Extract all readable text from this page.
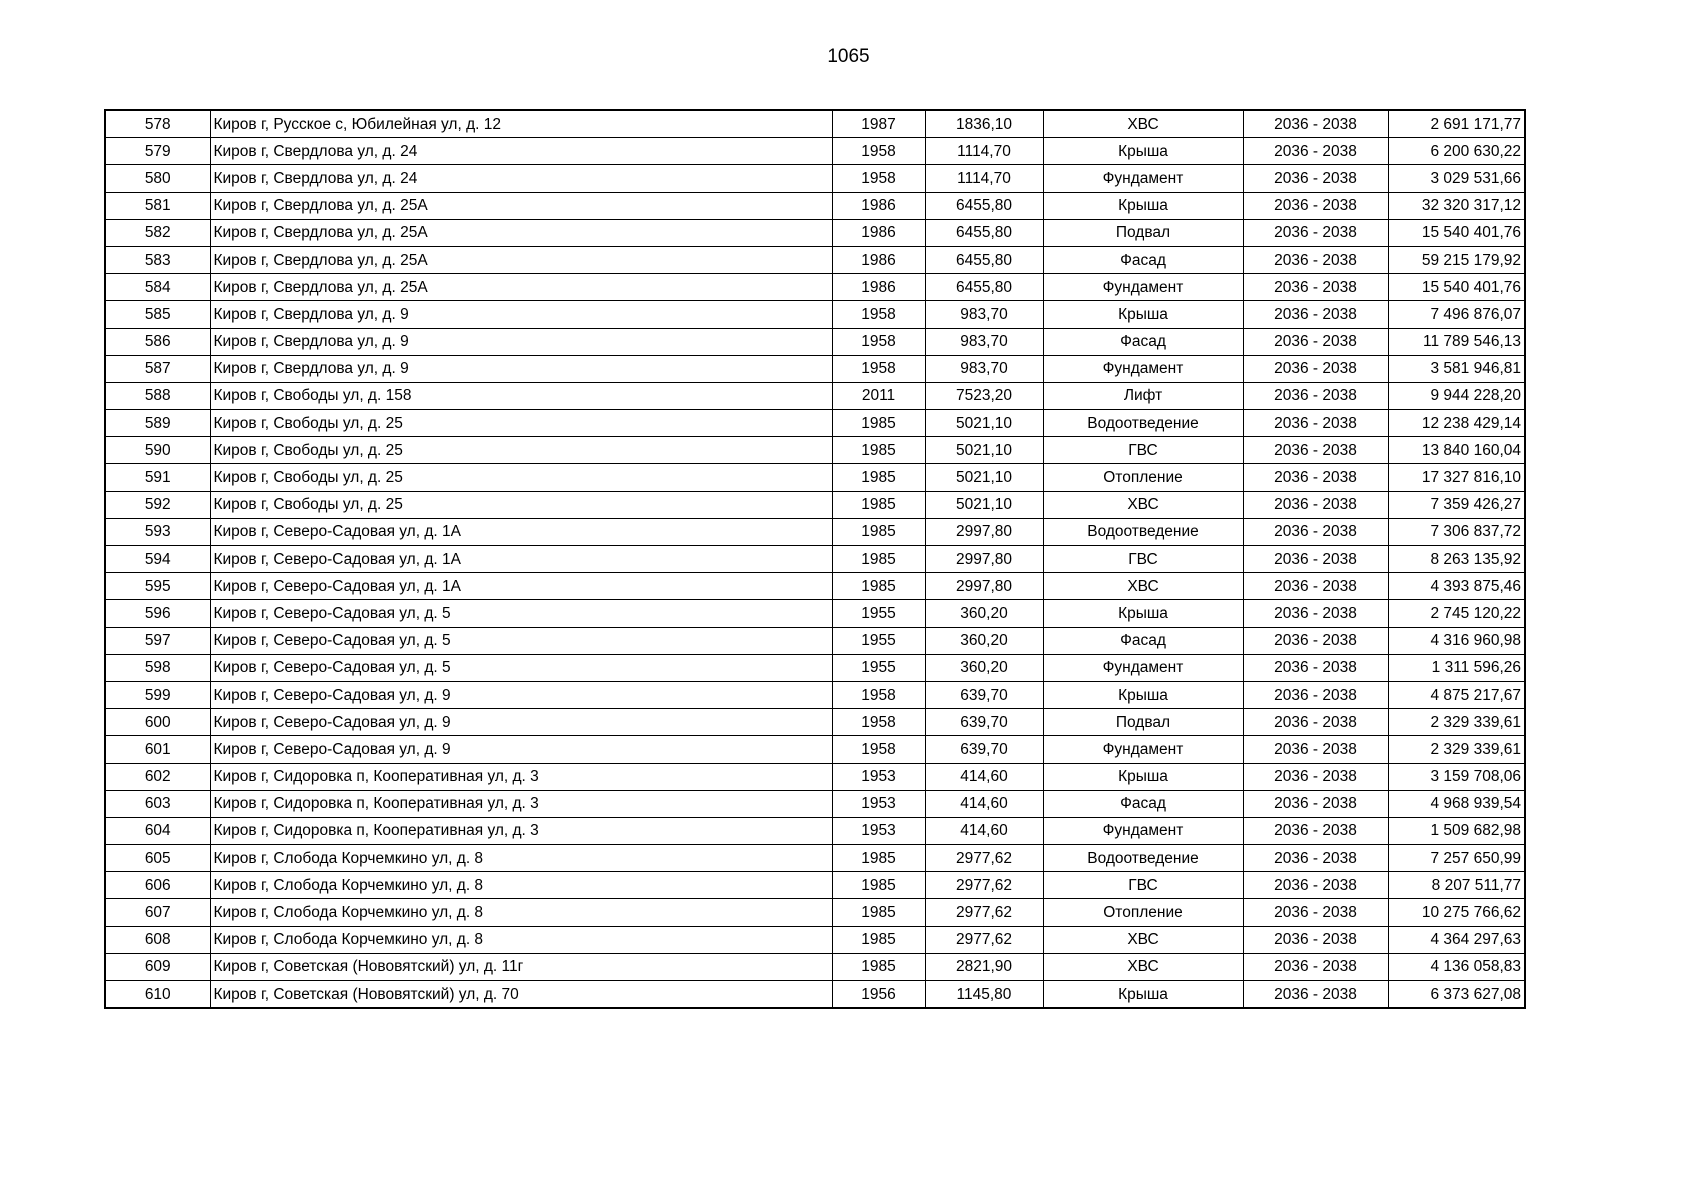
1065
578	Киров г, Русское с, Юбилейная ул, д. 12	1987	1836,10	ХВС	2036 - 2038	2 691 171,77
579	Киров г, Свердлова ул, д. 24	1958	1114,70	Крыша	2036 - 2038	6 200 630,22
580	Киров г, Свердлова ул, д. 24	1958	1114,70	Фундамент	2036 - 2038	3 029 531,66
581	Киров г, Свердлова ул, д. 25А	1986	6455,80	Крыша	2036 - 2038	32 320 317,12
582	Киров г, Свердлова ул, д. 25А	1986	6455,80	Подвал	2036 - 2038	15 540 401,76
583	Киров г, Свердлова ул, д. 25А	1986	6455,80	Фасад	2036 - 2038	59 215 179,92
584	Киров г, Свердлова ул, д. 25А	1986	6455,80	Фундамент	2036 - 2038	15 540 401,76
585	Киров г, Свердлова ул, д. 9	1958	983,70	Крыша	2036 - 2038	7 496 876,07
586	Киров г, Свердлова ул, д. 9	1958	983,70	Фасад	2036 - 2038	11 789 546,13
587	Киров г, Свердлова ул, д. 9	1958	983,70	Фундамент	2036 - 2038	3 581 946,81
588	Киров г, Свободы ул, д. 158	2011	7523,20	Лифт	2036 - 2038	9 944 228,20
589	Киров г, Свободы ул, д. 25	1985	5021,10	Водоотведение	2036 - 2038	12 238 429,14
590	Киров г, Свободы ул, д. 25	1985	5021,10	ГВС	2036 - 2038	13 840 160,04
591	Киров г, Свободы ул, д. 25	1985	5021,10	Отопление	2036 - 2038	17 327 816,10
592	Киров г, Свободы ул, д. 25	1985	5021,10	ХВС	2036 - 2038	7 359 426,27
593	Киров г, Северо-Садовая ул, д. 1А	1985	2997,80	Водоотведение	2036 - 2038	7 306 837,72
594	Киров г, Северо-Садовая ул, д. 1А	1985	2997,80	ГВС	2036 - 2038	8 263 135,92
595	Киров г, Северо-Садовая ул, д. 1А	1985	2997,80	ХВС	2036 - 2038	4 393 875,46
596	Киров г, Северо-Садовая ул, д. 5	1955	360,20	Крыша	2036 - 2038	2 745 120,22
597	Киров г, Северо-Садовая ул, д. 5	1955	360,20	Фасад	2036 - 2038	4 316 960,98
598	Киров г, Северо-Садовая ул, д. 5	1955	360,20	Фундамент	2036 - 2038	1 311 596,26
599	Киров г, Северо-Садовая ул, д. 9	1958	639,70	Крыша	2036 - 2038	4 875 217,67
600	Киров г, Северо-Садовая ул, д. 9	1958	639,70	Подвал	2036 - 2038	2 329 339,61
601	Киров г, Северо-Садовая ул, д. 9	1958	639,70	Фундамент	2036 - 2038	2 329 339,61
602	Киров г, Сидоровка п, Кооперативная ул, д. 3	1953	414,60	Крыша	2036 - 2038	3 159 708,06
603	Киров г, Сидоровка п, Кооперативная ул, д. 3	1953	414,60	Фасад	2036 - 2038	4 968 939,54
604	Киров г, Сидоровка п, Кооперативная ул, д. 3	1953	414,60	Фундамент	2036 - 2038	1 509 682,98
605	Киров г, Слобода Корчемкино ул, д. 8	1985	2977,62	Водоотведение	2036 - 2038	7 257 650,99
606	Киров г, Слобода Корчемкино ул, д. 8	1985	2977,62	ГВС	2036 - 2038	8 207 511,77
607	Киров г, Слобода Корчемкино ул, д. 8	1985	2977,62	Отопление	2036 - 2038	10 275 766,62
608	Киров г, Слобода Корчемкино ул, д. 8	1985	2977,62	ХВС	2036 - 2038	4 364 297,63
609	Киров г, Советская (Нововятский) ул, д. 11г	1985	2821,90	ХВС	2036 - 2038	4 136 058,83
610	Киров г, Советская (Нововятский) ул, д. 70	1956	1145,80	Крыша	2036 - 2038	6 373 627,08
